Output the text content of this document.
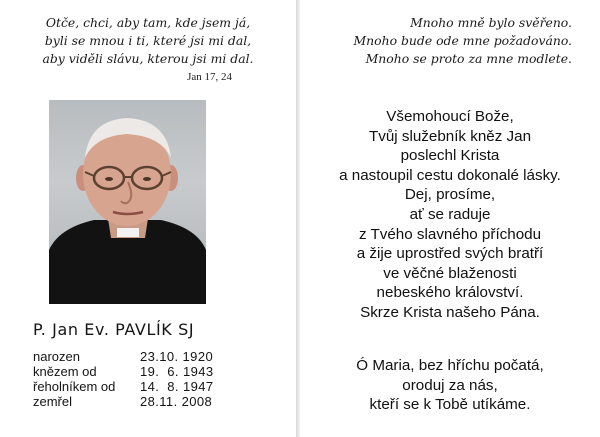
Otče, chci, aby tam, kde jsem já,
byli se mnou i ti, které jsi mi dal,
aby viděli slávu, kterou jsi mi dal.
Jan 17, 24
P. Jan Ev. PAVLÍK SJ
narozen	23.10. 1920
knězem od	19.  6. 1943
řeholníkem od 14.  8. 1947
zemřel	28.11. 2008
Mnoho mně bylo svěřeno.
Mnoho bude ode mne požadováno.
Mnoho se proto za mne modlete.
Všemohoucí Bože,
Tvůj služebník kněz Jan
poslechl Krista
a nastoupil cestu dokonalé lásky.
Dej, prosíme,
ať se raduje
z Tvého slavného příchodu
a žije uprostřed svých bratří
ve věčné blaženosti
nebeského království.
Skrze Krista našeho Pána.
Ó Maria, bez hříchu počatá,
oroduj za nás,
kteří se k Tobě utíkáme.
